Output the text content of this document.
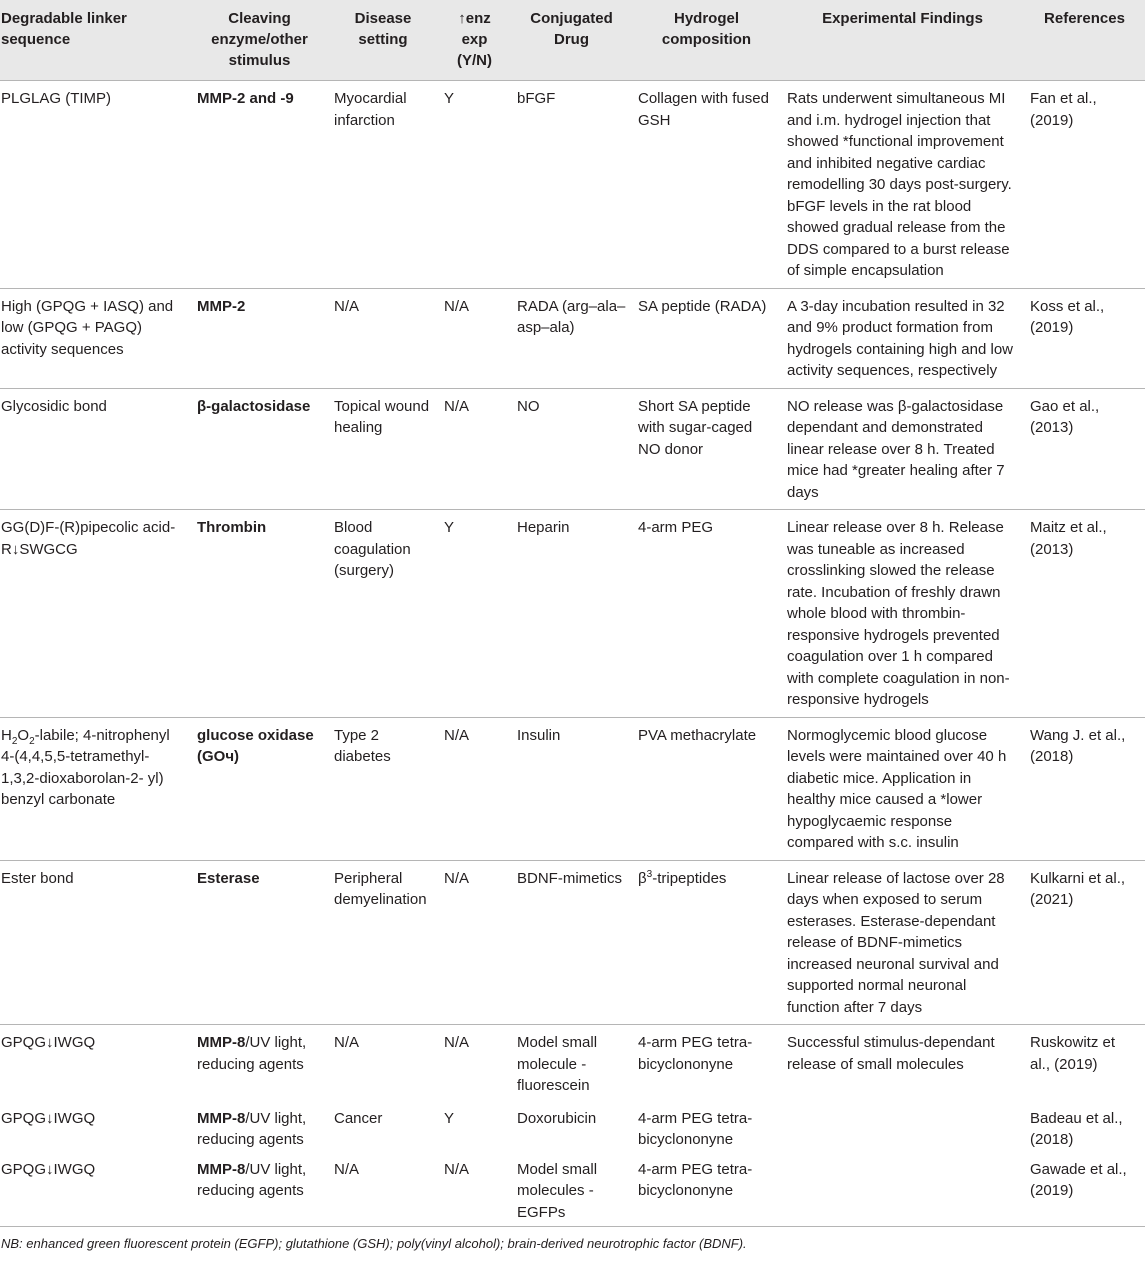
Degradable linker sequence	Cleaving enzyme/other stimulus	Disease setting	↑enz exp (Y/N)	Conjugated Drug	Hydrogel composition	Experimental Findings	References
PLGLAG (TIMP)	MMP-2 and -9	Myocardial infarction	Y	bFGF	Collagen with fused GSH	Rats underwent simultaneous MI and i.m. hydrogel injection that showed *functional improvement and inhibited negative cardiac remodelling 30 days post-surgery. bFGF levels in the rat blood showed gradual release from the DDS compared to a burst release of simple encapsulation	Fan et al., (2019)
High (GPQG + IASQ) and low (GPQG + PAGQ) activity sequences	MMP-2	N/A	N/A	RADA (arg–ala–asp–ala)	SA peptide (RADA)	A 3-day incubation resulted in 32 and 9% product formation from hydrogels containing high and low activity sequences, respectively	Koss et al., (2019)
Glycosidic bond	β-galactosidase	Topical wound healing	N/A	NO	Short SA peptide with sugar-caged NO donor	NO release was β-galactosidase dependant and demonstrated linear release over 8 h. Treated mice had *greater healing after 7 days	Gao et al., (2013)
GG(D)F-(R)pipecolic acid-R↓SWGCG	Thrombin	Blood coagulation (surgery)	Y	Heparin	4-arm PEG	Linear release over 8 h. Release was tuneable as increased crosslinking slowed the release rate. Incubation of freshly drawn whole blood with thrombin-responsive hydrogels prevented coagulation over 1 h compared with complete coagulation in non-responsive hydrogels	Maitz et al., (2013)
$H_2O_2$-labile; 4-nitrophenyl 4-(4,4,5,5-tetramethyl-1,3,2-dioxaborolan-2- yl) benzyl carbonate	glucose oxidase (GOч)	Type 2 diabetes	N/A	Insulin	PVA methacrylate	Normoglycemic blood glucose levels were maintained over 40 h diabetic mice. Application in healthy mice caused a *lower hypoglycaemic response compared with s.c. insulin	Wang J. et al., (2018)
Ester bond	Esterase	Peripheral demyelination	N/A	BDNF-mimetics	$\beta^3$-tripeptides	Linear release of lactose over 28 days when exposed to serum esterases. Esterase-dependant release of BDNF-mimetics increased neuronal survival and supported normal neuronal function after 7 days	Kulkarni et al., (2021)
GPQG↓IWGQ	MMP-8/UV light, reducing agents	N/A	N/A	Model small molecule - fluorescein	4-arm PEG tetra-bicyclononyne	Successful stimulus-dependant release of small molecules	Ruskowitz et al., (2019)
GPQG↓IWGQ	MMP-8/UV light, reducing agents	Cancer	Y	Doxorubicin	4-arm PEG tetra-bicyclononyne		Badeau et al., (2018)
GPQG↓IWGQ	MMP-8/UV light, reducing agents	N/A	N/A	Model small molecules - EGFPs	4-arm PEG tetra-bicyclononyne		Gawade et al., (2019)
NB: enhanced green fluorescent protein (EGFP); glutathione (GSH); poly(vinyl alcohol); brain-derived neurotrophic factor (BDNF).
